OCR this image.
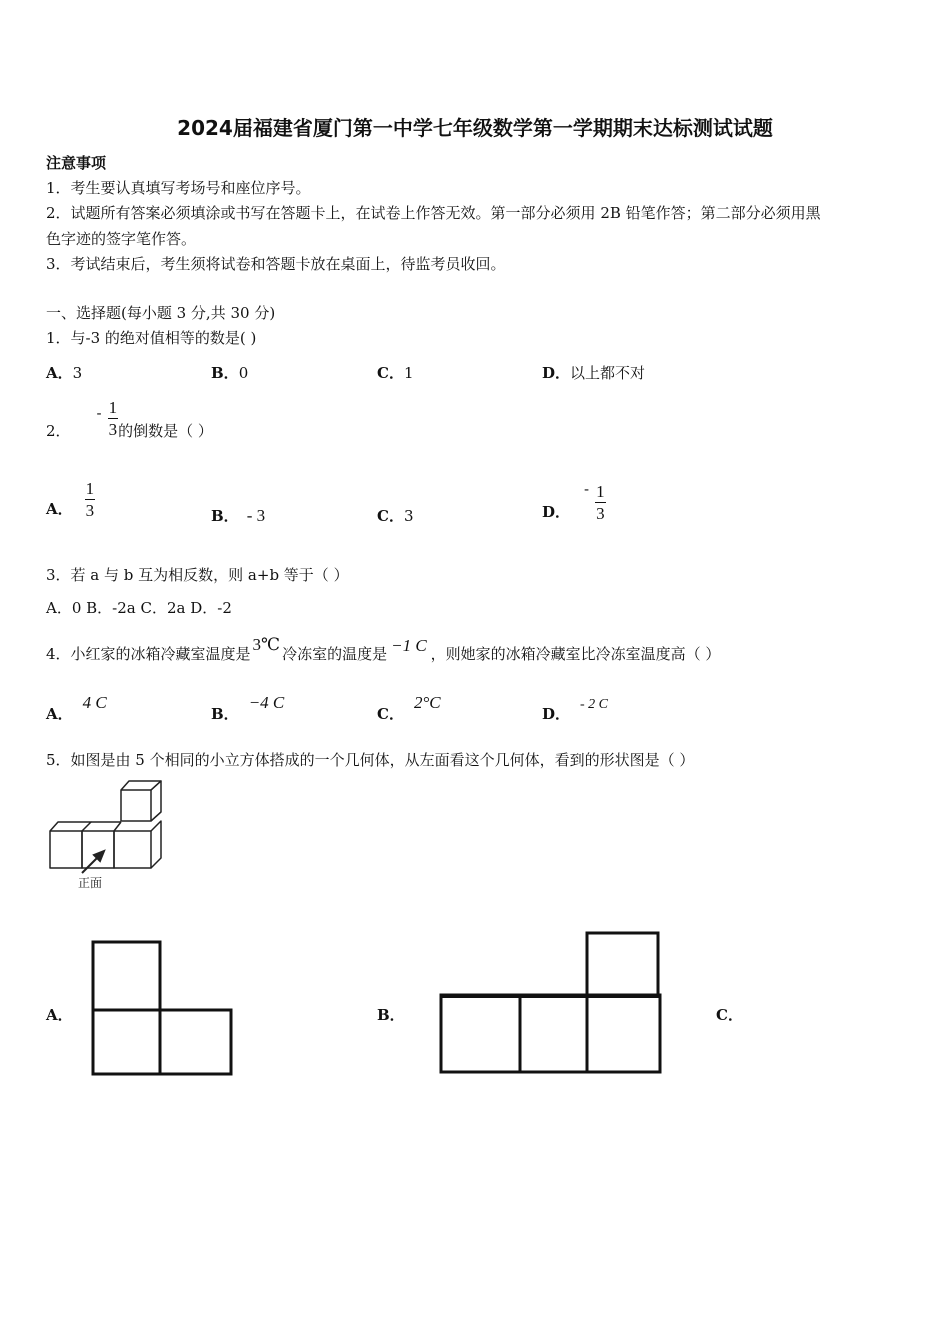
2024届福建省厦门第一中学七年级数学第一学期期末达标测试试题
注意事项
1．考生要认真填写考场号和座位序号。
2．试题所有答案必须填涂或书写在答题卡上，在试卷上作答无效。第一部分必须用 2B 铅笔作答；第二部分必须用黑
色字迹的签字笔作答。
3．考试结束后，考生须将试卷和答题卡放在桌面上，待监考员收回。
一、选择题(每小题 3 分,共 30 分)
1．与-3 的绝对值相等的数是( )
A．3	B．0	C．1	D．以上都不对
2．
- $\frac{1}{3}$ 的倒数是（ ）
A． $\frac{1}{3}$	B． - 3	C．3	D．
- $\frac{1}{3}$
3．若 a 与 b 互为相反数，则 a+b 等于（ ）
A．0 B．-2a C．2a D．-2
4．小红家的冰箱冷藏室温度是 3℃ 冷冻室的温度是 −1 C ，则她家的冰箱冷藏室比冷冻室温度高（ ）
A．4 C
B．−4 C
C．2°C
D．- 2 C
5．如图是由 5 个相同的小立方体搭成的一个几何体，从左面看这个几何体，看到的形状图是（ ）
正面
A．	B．	C．
